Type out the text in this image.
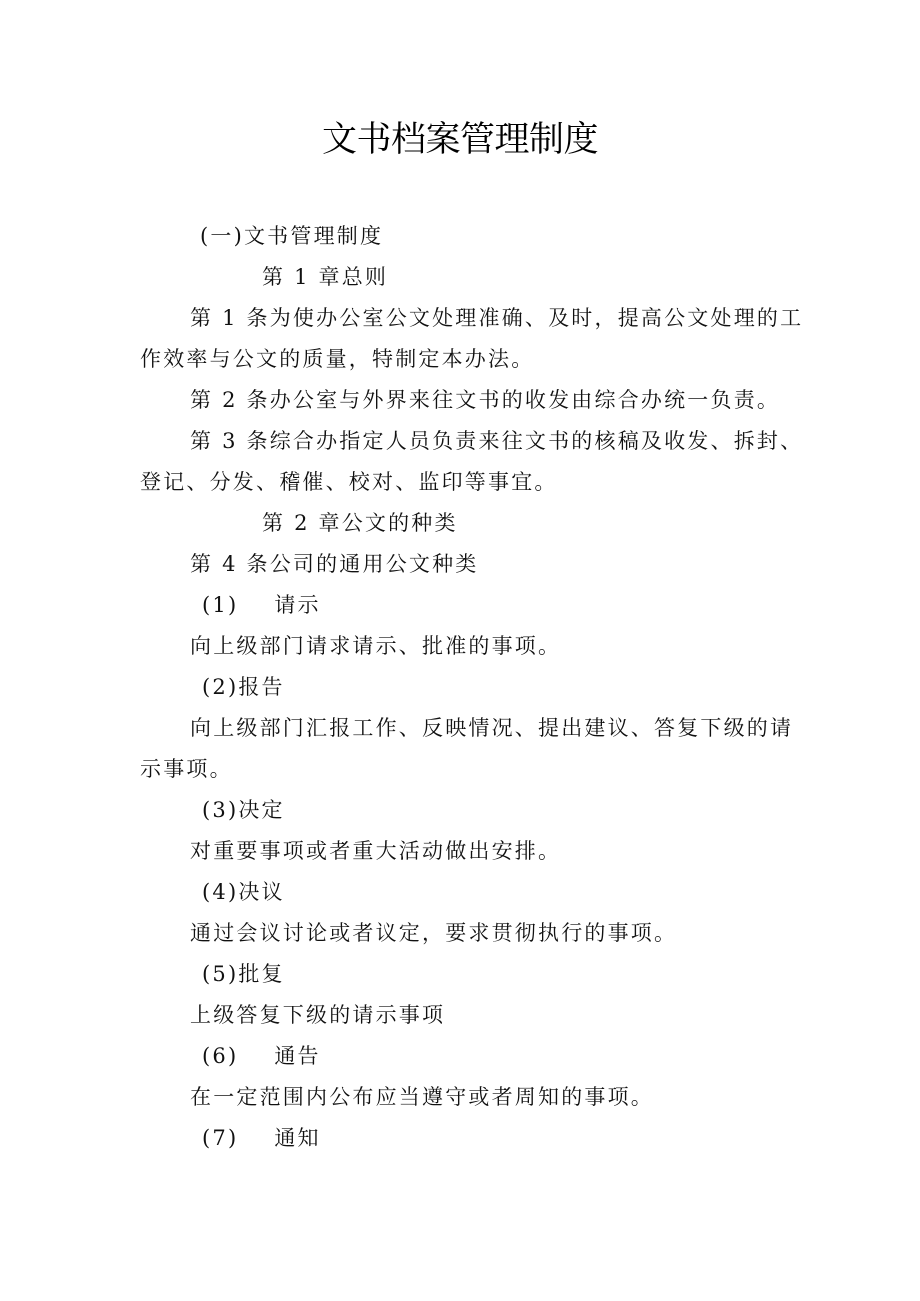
文书档案管理制度
(一)文书管理制度
第 1 章总则
第 1 条为使办公室公文处理准确、及时，提高公文处理的工
作效率与公文的质量，特制定本办法。
第 2 条办公室与外界来往文书的收发由综合办统一负责。
第 3 条综合办指定人员负责来往文书的核稿及收发、拆封、
登记、分发、稽催、校对、监印等事宜。
第 2 章公文的种类
第 4 条公司的通用公文种类
(1) 请示
向上级部门请求请示、批准的事项。
(2)报告
向上级部门汇报工作、反映情况、提出建议、答复下级的请
示事项。
(3)决定
对重要事项或者重大活动做出安排。
(4)决议
通过会议讨论或者议定，要求贯彻执行的事项。
(5)批复
上级答复下级的请示事项
(6) 通告
在一定范围内公布应当遵守或者周知的事项。
(7) 通知
